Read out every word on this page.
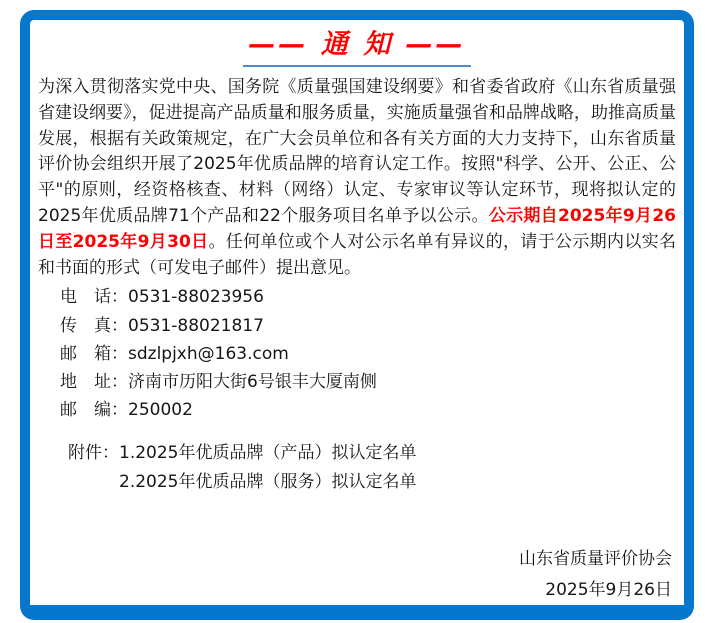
—— 通 知 ——

为深入贯彻落实党中央、国务院《质量强国建设纲要》和省委省政府《山东省质量强省建设纲要》，促进提高产品质量和服务质量，实施质量强省和品牌战略，助推高质量发展，根据有关政策规定，在广大会员单位和各有关方面的大力支持下，山东省质量评价协会组织开展了2025年优质品牌的培育认定工作。按照"科学、公开、公正、公平"的原则，经资格核查、材料（网络）认定、专家审议等认定环节，现将拟认定的2025年优质品牌71个产品和22个服务项目名单予以公示。公示期自2025年9月26日至2025年9月30日。任何单位或个人对公示名单有异议的，请于公示期内以实名和书面的形式（可发电子邮件）提出意见。

电　话：0531-88023956
传　真：0531-88021817
邮　箱：sdzlpjxh@163.com
地　址：济南市历阳大街6号银丰大厦南侧
邮　编：250002
附件：1.2025年优质品牌（产品）拟认定名单
2.2025年优质品牌（服务）拟认定名单
山东省质量评价协会
2025年9月26日
